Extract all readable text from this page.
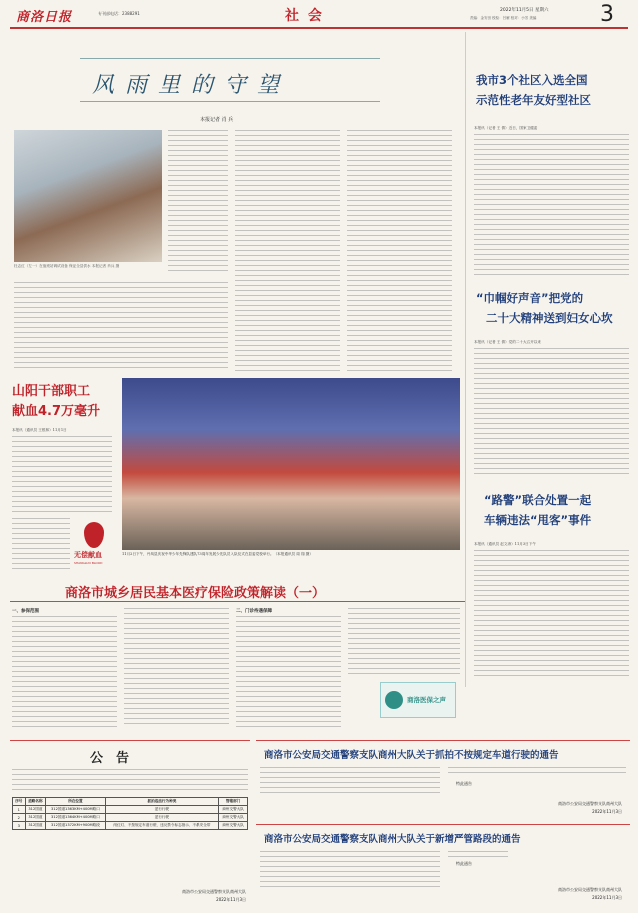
商洛日报	专刊部电话：2388291	社 会	2022年11月5日 星期六
责编：金安田 校检：吕雁 校对：小芳 美编	3
风 雨 里 的 守 望
本报记者 肖 兵
杜志红（左一）在值班站调试设备 保证全县供水 本报记者 肖兵 摄
山阳干部职工
献血4.7万毫升
本报讯（通讯员 王根林）11月1日
无偿献血
SHANGLUO BLOOD
11月2日下午，丹凤县庆祝中华少年先锋队建队73周年发展少先队员入队仪式在县委党校举行。（本报通讯员 周 翔 摄）
我市3个社区入选全国
示范性老年友好型社区
本报讯（记者 王 倩）近日，国家卫健委
“巾帼好声音”把党的
二十大精神送到妇女心坎
本报讯（记者 王 倩）党的二十大召开以来
“路警”联合处置一起
车辆违法“甩客”事件
本报讯（通讯员 赵文涛）11月3日下午
商洛市城乡居民基本医疗保险政策解读（一）
一、参保范围	二、门诊待遇保障
商洛医保之声
公　告
序号	道路名称	所在位置	抓拍违法行为种类	管辖部门
1	312国道	312国道1363KM+400M路口	逆行行驶	商州交警大队
2	312国道	312国道1364KM+400M路口	逆行行驶	商州交警大队
3	312国道	312国道1372KM+900M路段	闯红灯、不按规定车道行驶、违反禁令标志指示、不系安全带	商州交警大队
商洛市公安局交通警察支队商州大队
2022年11月3日
商洛市公安局交通警察支队商州大队关于抓拍不按规定车道行驶的通告
特此通告
商洛市公安局交通警察支队商州大队
2022年11月3日
商洛市公安局交通警察支队商州大队关于新增严管路段的通告
特此通告
商洛市公安局交通警察支队商州大队
2022年11月3日
